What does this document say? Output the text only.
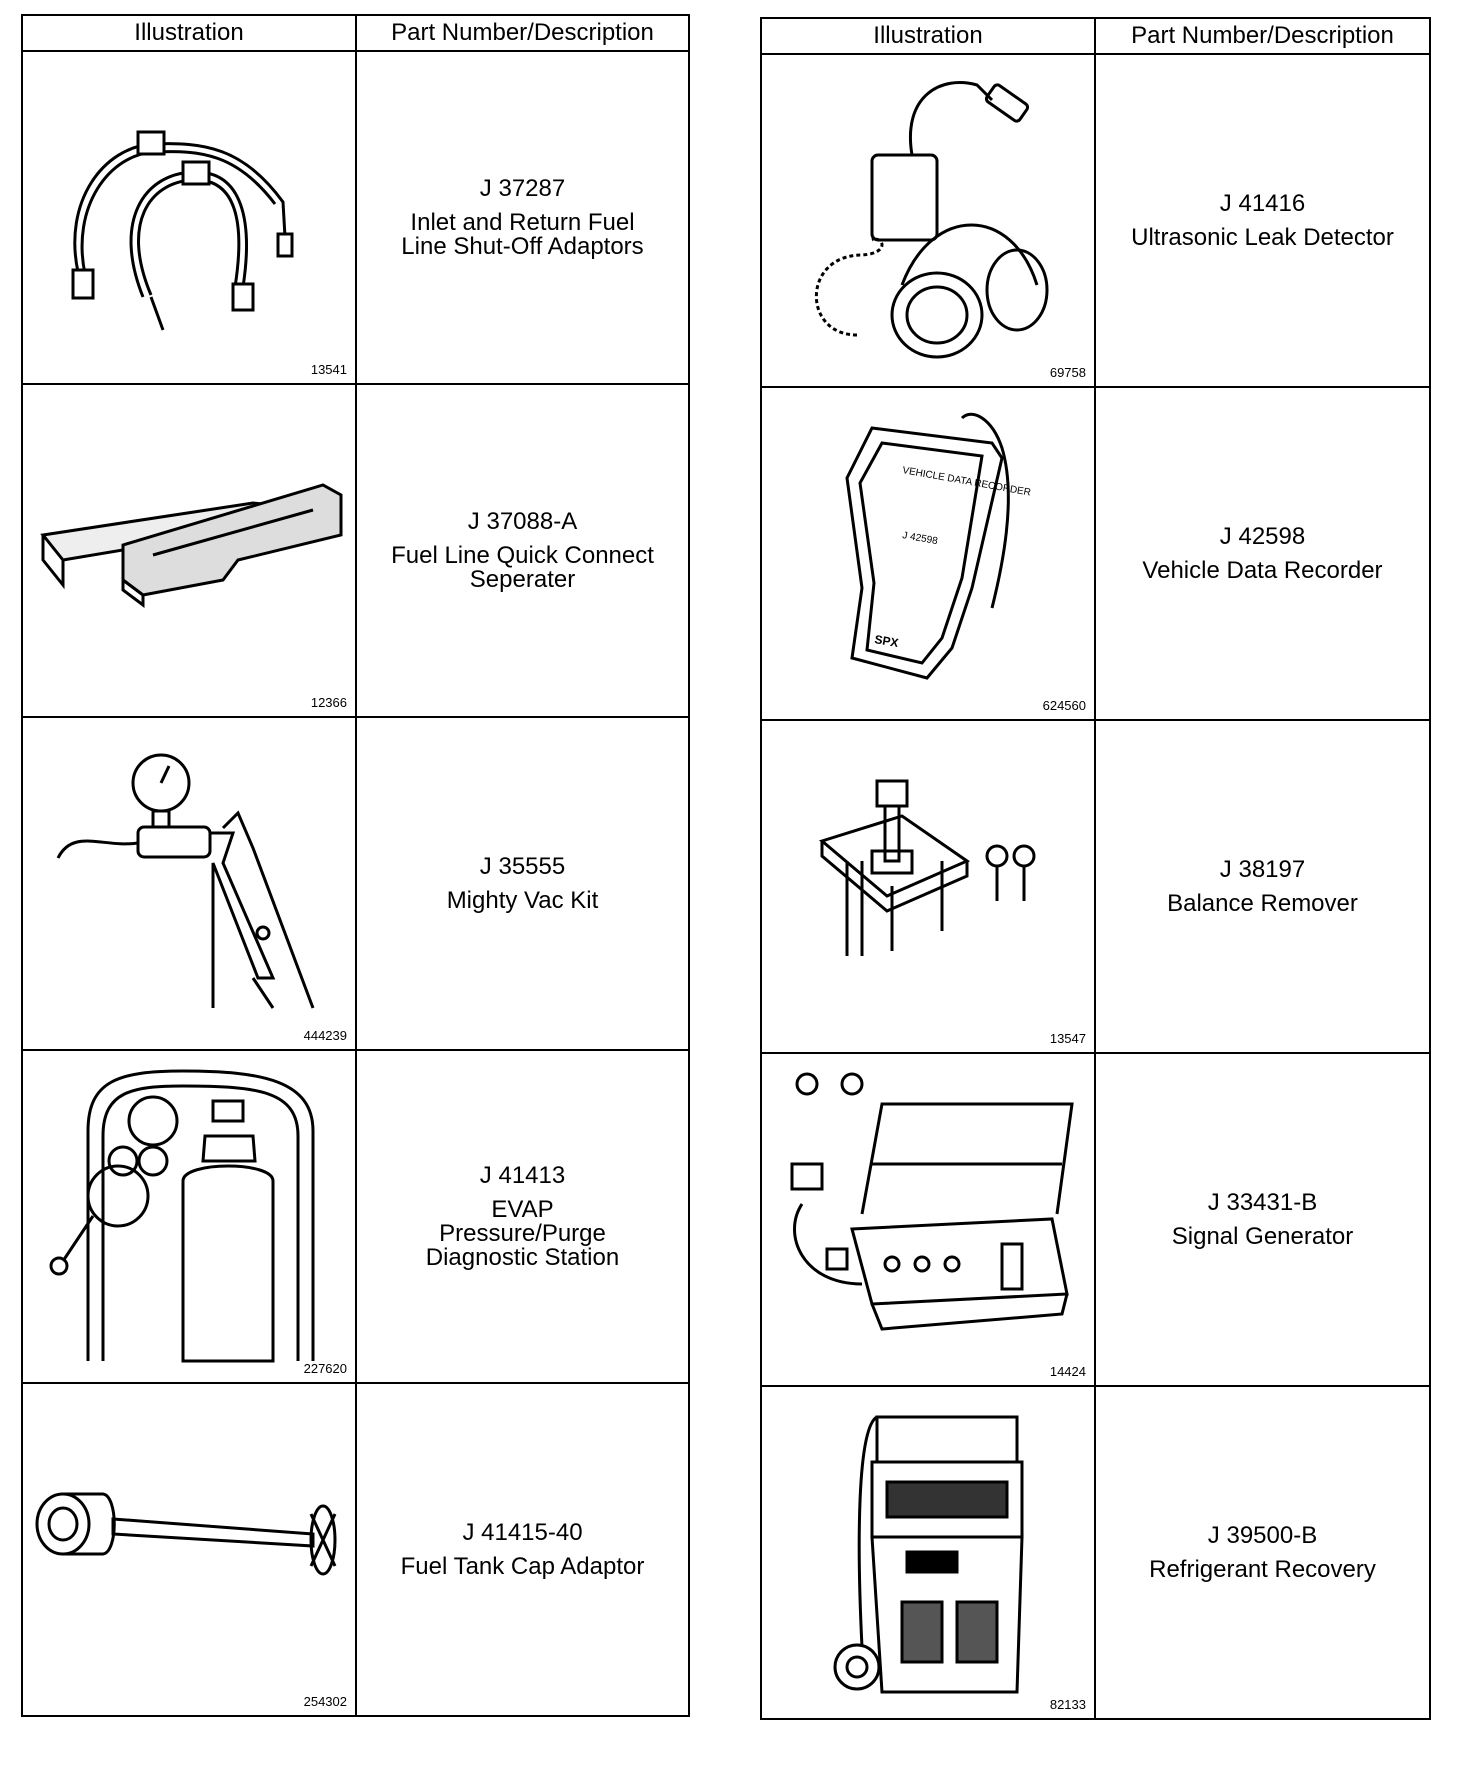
Illustration	Part Number/Description

13541	J 37287
Inlet and Return Fuel Line Shut-Off Adaptors

12366	J 37088-A
Fuel Line Quick Connect Seperater

444239	J 35555
Mighty Vac Kit

227620	J 41413
EVAP Pressure/Purge Diagnostic Station

254302	J 41415-40
Fuel Tank Cap Adaptor
Illustration	Part Number/Description

69758	J 41416
Ultrasonic Leak Detector

VEHICLE DATA RECORDER
J 42598
SPX
624560	J 42598
Vehicle Data Recorder

13547	J 38197
Balance Remover

14424	J 33431-B
Signal Generator

82133	J 39500-B
Refrigerant Recovery
